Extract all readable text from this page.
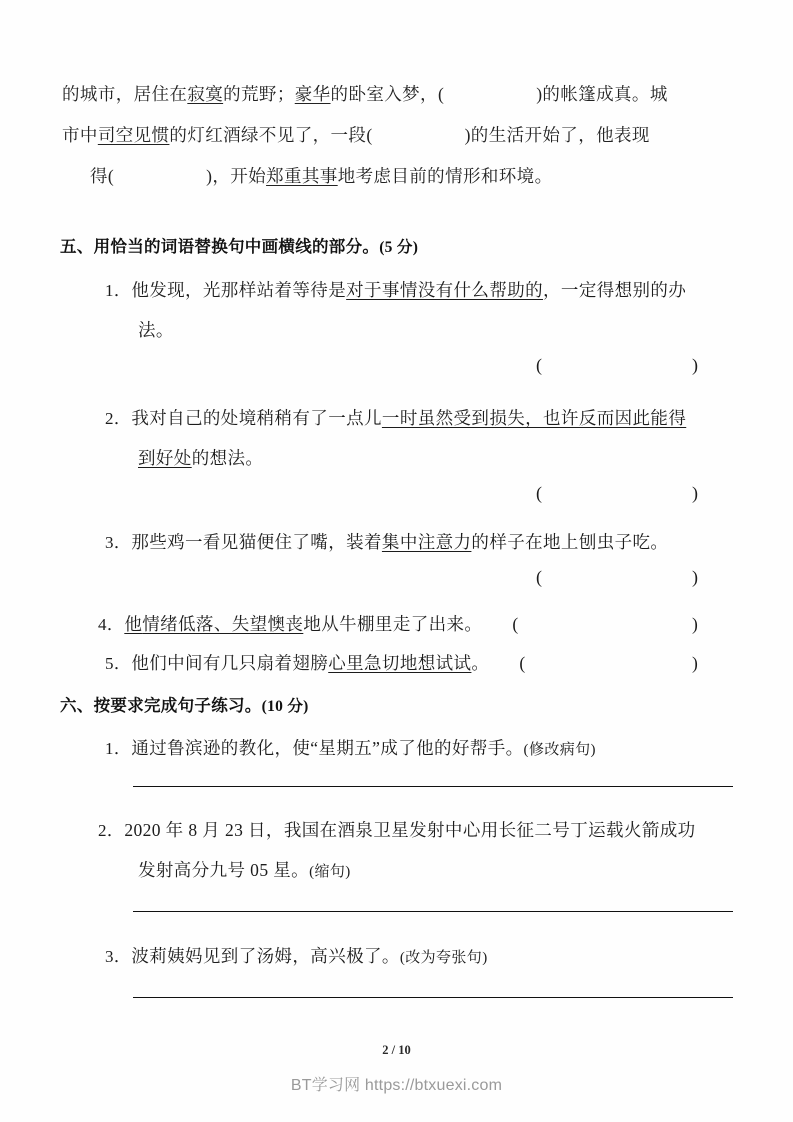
的城市，居住在寂寞的荒野；豪华的卧室入梦，(	)的帐篷成真。城
市中司空见惯的灯红酒绿不见了，一段(	)的生活开始了，他表现
得(	)，开始郑重其事地考虑目前的情形和环境。
五、用恰当的词语替换句中画横线的部分。(5 分)
1．他发现，光那样站着等待是对于事情没有什么帮助的，一定得想别的办
法。
(	)
2．我对自己的处境稍稍有了一点儿一时虽然受到损失，也许反而因此能得
到好处的想法。
(	)
3．那些鸡一看见猫便住了嘴，装着集中注意力的样子在地上刨虫子吃。
(	)
4．他情绪低落、失望懊丧地从牛棚里走了出来。 (	)
5．他们中间有几只扇着翅膀心里急切地想试试。 (	)
六、按要求完成句子练习。(10 分)
1．通过鲁滨逊的教化，使“星期五”成了他的好帮手。(修改病句)
2．2020 年 8 月 23 日，我国在酒泉卫星发射中心用长征二号丁运载火箭成功
发射高分九号 05 星。(缩句)
3．波莉姨妈见到了汤姆，高兴极了。(改为夸张句)
2 / 10
BT学习网 https://btxuexi.com
